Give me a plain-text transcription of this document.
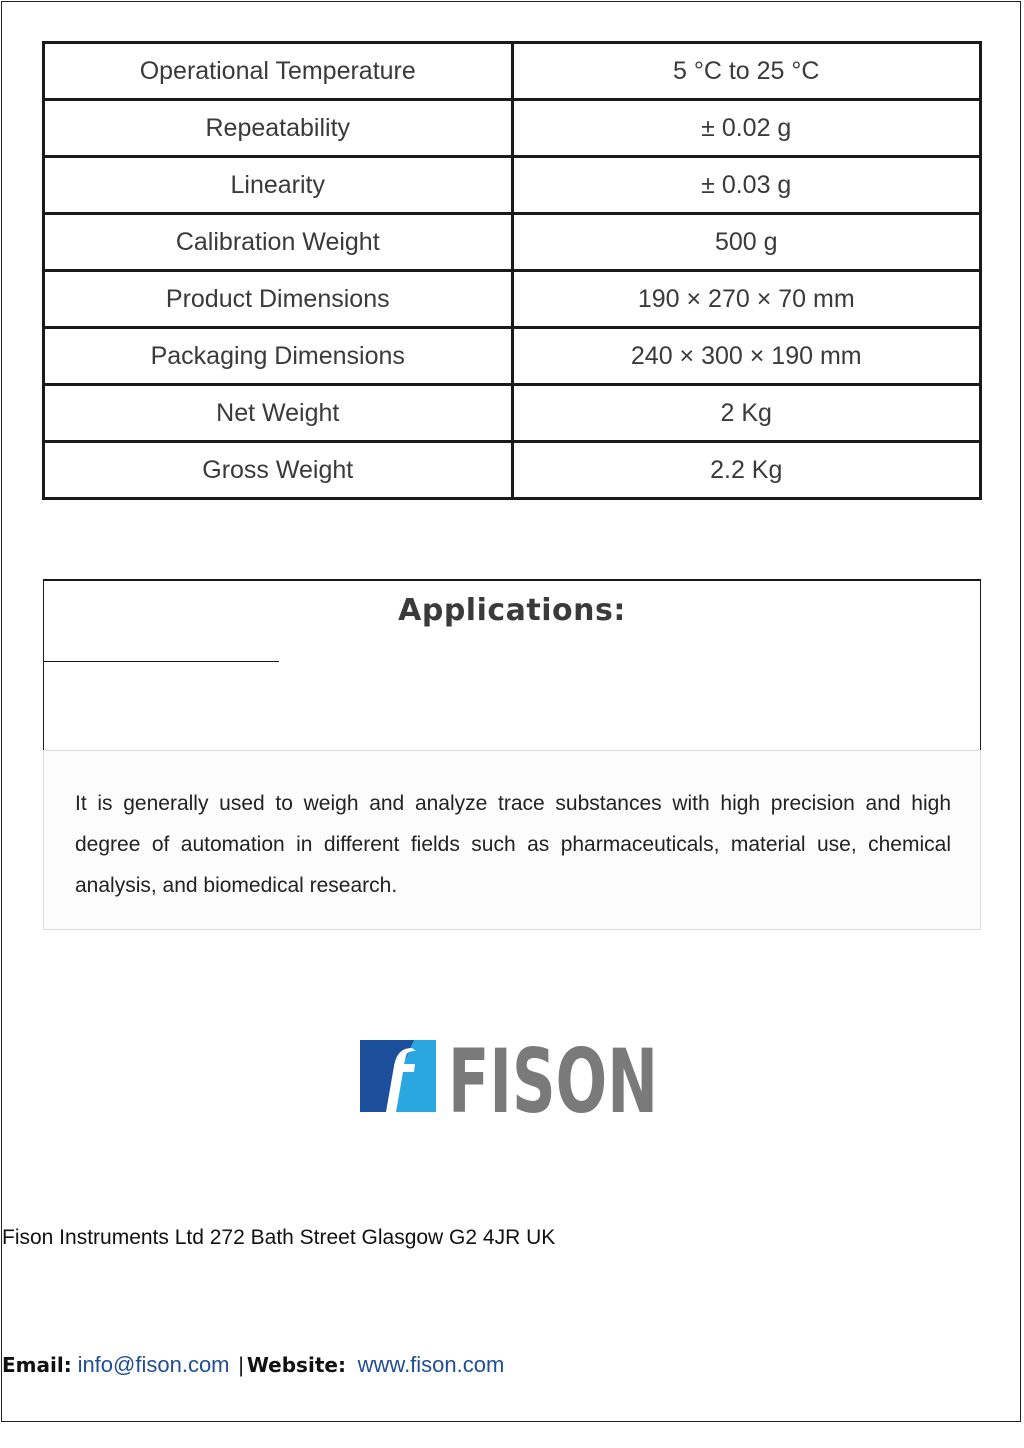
Operational Temperature	5 °C to 25 °C
Repeatability	± 0.02 g
Linearity	± 0.03 g
Calibration Weight	500 g
Product Dimensions	190 × 270 × 70 mm
Packaging Dimensions	240 × 300 × 190 mm
Net Weight	2 Kg
Gross Weight	2.2 Kg
Applications:

It is generally used to weigh and analyze trace substances with high precision and high degree of automation in different fields such as pharmaceuticals, material use, chemical analysis, and biomedical research.

FISON

Fison Instruments Ltd 272 Bath Street Glasgow G2 4JR UK

Email: info@fison.com | Website: www.fison.com
